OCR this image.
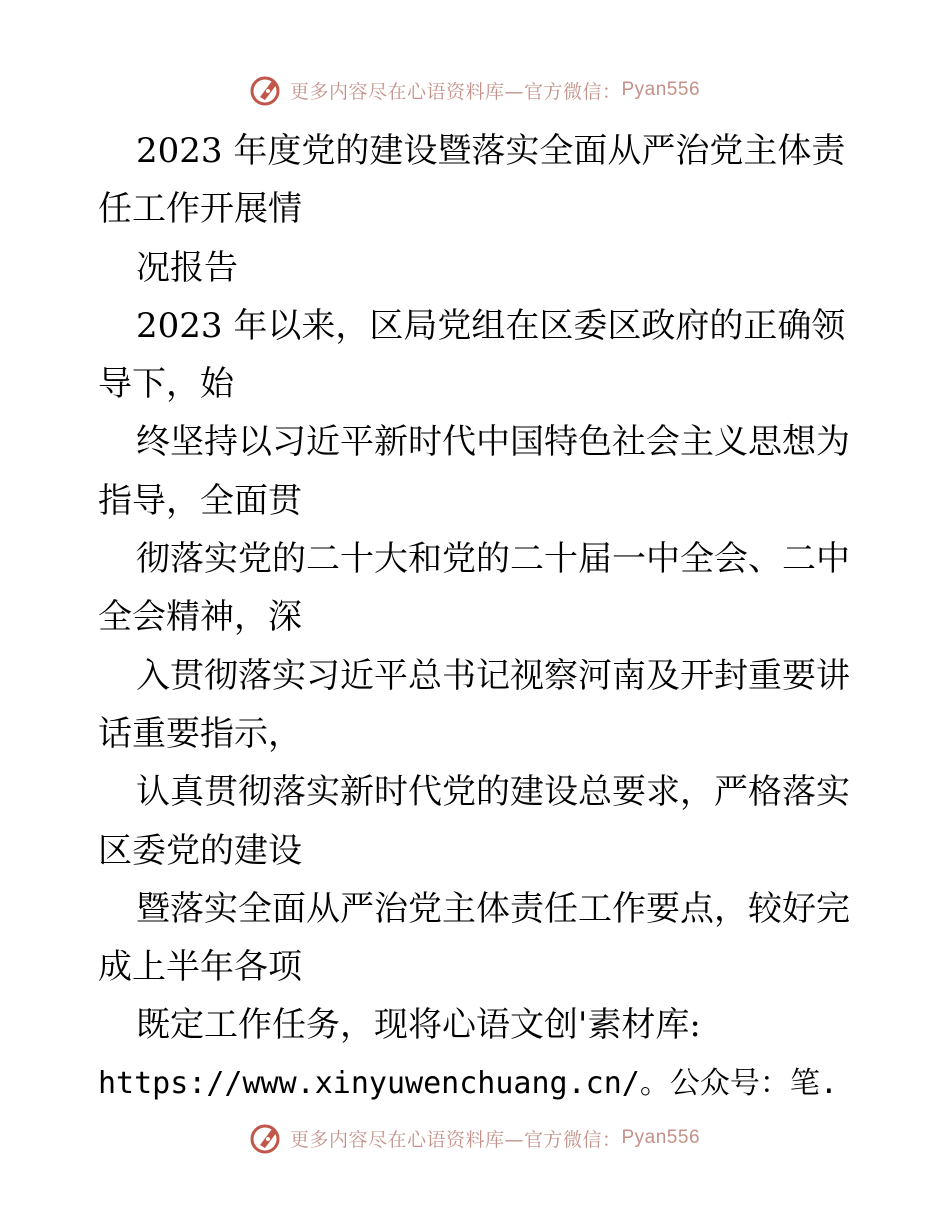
更多内容尽在心语资料库—官方微信： Pyan556
2023 年度党的建设暨落实全面从严治党主体责
任工作开展情
况报告
2023 年以来，区局党组在区委区政府的正确领
导下，始
终坚持以习近平新时代中国特色社会主义思想为
指导，全面贯
彻落实党的二十大和党的二十届一中全会、二中
全会精神，深
入贯彻落实习近平总书记视察河南及开封重要讲
话重要指示，
认真贯彻落实新时代党的建设总要求，严格落实
区委党的建设
暨落实全面从严治党主体责任工作要点，较好完
成上半年各项
既定工作任务，现将心语文创'素材库:
https://www.xinyuwenchuang.cn/。公众号：笔.
更多内容尽在心语资料库—官方微信： Pyan556
